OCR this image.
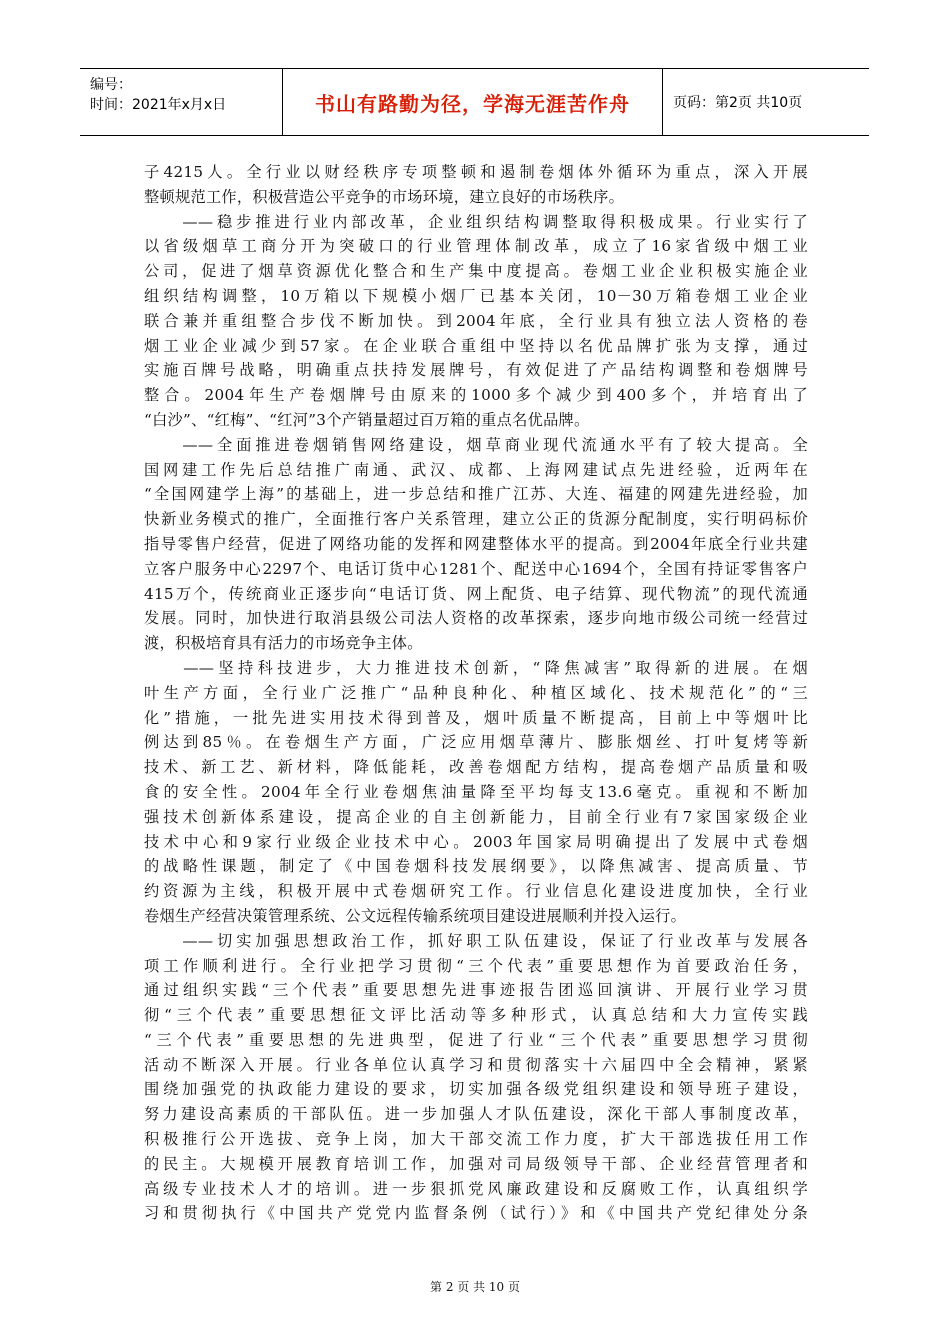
编号：
时间：2021年x月x日	书山有路勤为径，学海无涯苦作舟	页码：第2页 共10页
子4215人。全行业以财经秩序专项整顿和遏制卷烟体外循环为重点，深入开展
整顿规范工作，积极营造公平竞争的市场环境，建立良好的市场秩序。
　　——稳步推进行业内部改革，企业组织结构调整取得积极成果。行业实行了
以省级烟草工商分开为突破口的行业管理体制改革，成立了16家省级中烟工业
公司，促进了烟草资源优化整合和生产集中度提高。卷烟工业企业积极实施企业
组织结构调整，10万箱以下规模小烟厂已基本关闭，10－30万箱卷烟工业企业
联合兼并重组整合步伐不断加快。到2004年底，全行业具有独立法人资格的卷
烟工业企业减少到57家。在企业联合重组中坚持以名优品牌扩张为支撑，通过
实施百牌号战略，明确重点扶持发展牌号，有效促进了产品结构调整和卷烟牌号
整合。2004年生产卷烟牌号由原来的1000多个减少到400多个，并培育出了
“白沙”、“红梅”、“红河”3个产销量超过百万箱的重点名优品牌。
　　——全面推进卷烟销售网络建设，烟草商业现代流通水平有了较大提高。全
国网建工作先后总结推广南通、武汉、成都、上海网建试点先进经验，近两年在
“全国网建学上海”的基础上，进一步总结和推广江苏、大连、福建的网建先进经验，加
快新业务模式的推广，全面推行客户关系管理，建立公正的货源分配制度，实行明码标价
指导零售户经营，促进了网络功能的发挥和网建整体水平的提高。到2004年底全行业共建
立客户服务中心2297个、电话订货中心1281个、配送中心1694个，全国有持证零售客户
415万个，传统商业正逐步向“电话订货、网上配货、电子结算、现代物流”的现代流通
发展。同时，加快进行取消县级公司法人资格的改革探索，逐步向地市级公司统一经营过
渡，积极培育具有活力的市场竞争主体。
　　——坚持科技进步，大力推进技术创新，“降焦减害”取得新的进展。在烟
叶生产方面，全行业广泛推广“品种良种化、种植区域化、技术规范化”的“三
化”措施，一批先进实用技术得到普及，烟叶质量不断提高，目前上中等烟叶比
例达到85％。在卷烟生产方面，广泛应用烟草薄片、膨胀烟丝、打叶复烤等新
技术、新工艺、新材料，降低能耗，改善卷烟配方结构，提高卷烟产品质量和吸
食的安全性。2004年全行业卷烟焦油量降至平均每支13.6毫克。重视和不断加
强技术创新体系建设，提高企业的自主创新能力，目前全行业有7家国家级企业
技术中心和9家行业级企业技术中心。2003年国家局明确提出了发展中式卷烟
的战略性课题，制定了《中国卷烟科技发展纲要》，以降焦减害、提高质量、节
约资源为主线，积极开展中式卷烟研究工作。行业信息化建设进度加快，全行业
卷烟生产经营决策管理系统、公文远程传输系统项目建设进展顺利并投入运行。
　　——切实加强思想政治工作，抓好职工队伍建设，保证了行业改革与发展各
项工作顺利进行。全行业把学习贯彻“三个代表”重要思想作为首要政治任务，
通过组织实践“三个代表”重要思想先进事迹报告团巡回演讲、开展行业学习贯
彻“三个代表”重要思想征文评比活动等多种形式，认真总结和大力宣传实践
“三个代表”重要思想的先进典型，促进了行业“三个代表”重要思想学习贯彻
活动不断深入开展。行业各单位认真学习和贯彻落实十六届四中全会精神，紧紧
围绕加强党的执政能力建设的要求，切实加强各级党组织建设和领导班子建设，
努力建设高素质的干部队伍。进一步加强人才队伍建设，深化干部人事制度改革，
积极推行公开选拔、竞争上岗，加大干部交流工作力度，扩大干部选拔任用工作
的民主。大规模开展教育培训工作，加强对司局级领导干部、企业经营管理者和
高级专业技术人才的培训。进一步狠抓党风廉政建设和反腐败工作，认真组织学
习和贯彻执行《中国共产党党内监督条例（试行）》和《中国共产党纪律处分条
第 2 页 共 10 页
